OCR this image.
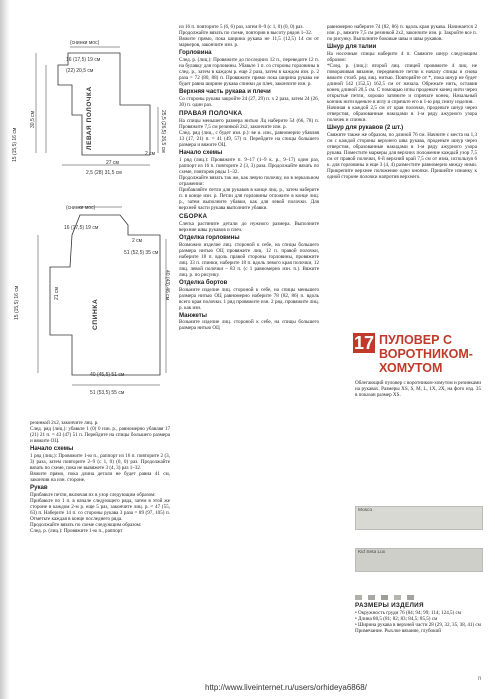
(снинки мос)
16 (17,5) 19 см
(22) 20,5 см
15 (15,5) 16 см
30,5 см	25,5 (26,5) 26,5 см
ЛЕВАЯ ПОЛОЧКА
2 см
2,5 (28) 31,5 см
27 см
(снинки мос)
16 (17,5) 19 см
15 (15,5) 16 см	21 см	40 (43) 46 см
СПИНКА
2 см
51 (52,5) 35 см
40 (45,5) 51 см
51 (53,5) 55 см

резинкой 2х2, закончите лиц. р.

След. ряд (лиц.): убавьте 1 (0) 0 изн. р., равномерно убавляя 17 (21) 21 п. = 43 (47) 51 п. Перейдите на спицы большего размера и вяжите ОЦ.

Начало схемы

1 ряд (лиц.): Провяжите 1-ю п., раппорт из 16 п. повторите 2 (3, 3) раза, затем повторите 2–9 (с 1, 0) (0, 0) раз. Продолжайте вязать по схеме, пока не вывяжете 3 (4, 3) раз 1–32.

Вяжите прямо, пока длина детали не будет равна 41 см, закончив на изн. стороне.

Рукав

Прибавьте петли, включая их в узор следующим образом:

Прибавьте по 1 п. в начале следующего ряда, затем в этой же стороне в каждом 2-м р. еще 5 раз, закончите лиц. р. = 47 (55, 63) п. Наберите 14 п. со стороны рукава 3 раза = 89 (97, 105) п. Отметьте каждая в конце последнего ряда.

Продолжайте вязать по схеме следующим образом:

След. р. (лиц.): Провяжите 1-ю п., раппорт

из 16 п. повторите 5 (6, 6) раз, затем 8–9 (с 1, 0) (0, 0) раз.

Продолжайте вязать по схеме, повторив в высоту рядов 1–32.

Вяжите прямо, пока ширина рукава не 11,5 (12,5) 14 см от маркеров, закончите изн. р.

Горловина

След. р. (лиц.): Провяжите до последних 12 п., переведите 12 п. на булавку для горловины. Убавьте 1 п. со стороны горловины в след. р., затем в каждом р. еще 2 раза, затем в каждом изн. р. 2 раза = 72 (80, 88) п. Провяжите прямо пока ширина рукава не будет равна ширине рукава спинки до плеч, закончите изн. р.

Верхняя часть рукава и плечи

Со стороны рукава закройте 24 (27, 29) п. х 2 раза, затем 24 (26, 30) п. один раз.

ПРАВАЯ ПОЛОЧКА

На спицы меньшего размера нитью Лц наберите 54 (66, 78) п. Провяжите 7,5 см резинкой 2х2, закончите изн. р.

След. ряд (лиц., с будет изн. р.): ве и. изн., равномерно убавляя 13 (17, 21) п. = 41 (49, 57) п. Перейдите на спицы большего размера и вяжите ОЦ.

Начало схемы

1 ряд (лиц.): Провяжите п. 9–17 (1–9 к. р., 9–17) один раз, раппорт из 16 п. повторите 2 (3, 3) раза. Продолжайте вязать по схеме, повторив ряды 1–32.

Продолжайте вязать так же, как левую полочку, но в зеркальном отражении:

Прибавляйте петли для рукавов в конце лиц. р., затем наберите п. в конце изн. р. Петли для горловины отложите в конце лиц. р., затем выполните убавки, как для левой полочки. Для верхней части рукава выполните убавки.

СБОРКА

Слегка растяните детали до нужного размера. Выполните верхние швы рукавов и плеч.

Отделка горловины

Возможно изделие лиц. стороной к себе, на спицы большего размера нитью ОЦ провяжите лиц. 12 п. правой полочки, наберите 18 п. вдоль правой стороны горловины, провяжите лиц. 33 п. спинки, наберите 18 п. вдоль левого края полочки, 12 лиц. левой полочки – 83 п. (с 1 равномерно изн. п.). Вяжите лиц. р. по рисунку.

Отделка бортов

Возьмите изделие лиц. стороной к себе, на спицы меньшего размера нитью ОЦ равномерно наберите 78 (82, 86) п. вдоль всего края полочки. 1 ряд провяжите изн. 2 ряд. провяжите лиц. р. как изн.

Манжеты

Возьмите изделие лиц. стороной к себе, на спицы большего размера нитью ОЦ

равномерно наберите 74 (82, 86) п. вдоль края рукава. Начинается 2 изн. р., вяжите 7,5 см резинкой 2х2, закончите изн. р. Закройте все п. по рисунку. Выполните боковые швы и швы рукавов.

Шнур для талии

На носочные спицы наберите 4 п. Свяжите шнур следующим образом:

*След. р. (лиц.): второй лиц. спицей провяжите 4 лиц. не поворачивая вязание, передвиньте петли к началу спицы и снова вяжите столб. ряд лиц. нитью. Повторяйте от *, пока шнур не будет длиной 142 (152,5) 162,5 см от начала. Обрежьте нить, оставив конец длиной 20,5 см. С помощью иглы проденьте конец нити через открытые петли, хорошо затяните и спрячьте конец. Начальный кончик нити вденьте в иглу и спрячьте его в 1-ю ряд снизу изделия.

Начиная в каждой 2,5 см от края полочки, проденьте шнур через отверстия, образованные накидами в 1-м ряду ажурного узора полочек и спинки.

Шнур для рукавов (2 шт.)

Свяжите также же образом, по длиной 76 см. Начните с места на 1,3 см с каждой стороны верхнего шва рукава, проденьте шнур через отверстия, образованные накидами в 1-м ряду ажурного узора рукава. Поместите маркеры для верхних положение каждый узор 7,5 см от правой полочки, 6-й верхний край 7,5 см от изна, используя 6 к. для горловины и еще 3 (4, 4) разместите равномерно между ними. Прикрепите верхнее положение одно кнопки. Пришейте изнанку к одной стороне полочки напротив верхнего.

17 ПУЛОВЕР С ВОРОТНИКОМ-ХОМУТОМ

Облегающий пуловер с воротником-хомутом и резинками на рукавах. Размеры XS, S, M, L, 1X, 2X, на фото изд. 35 в показан размер XS.

Mosco
Kid Seta Lux

РАЗМЕРЫ ИЗДЕЛИЯ

• Окружность груди 76 (84; 94; 99; 114; 124,5) см

• Длина 80,5 (81; 82; 83; 84,5; 85,5) см

• Ширина рукава в верхней части 28 (29, 32, 35, 38, 41) см

Примечание. Рыхлое вязание, глубокий

http://www.liveinternet.ru/users/orhideya6868/
n
